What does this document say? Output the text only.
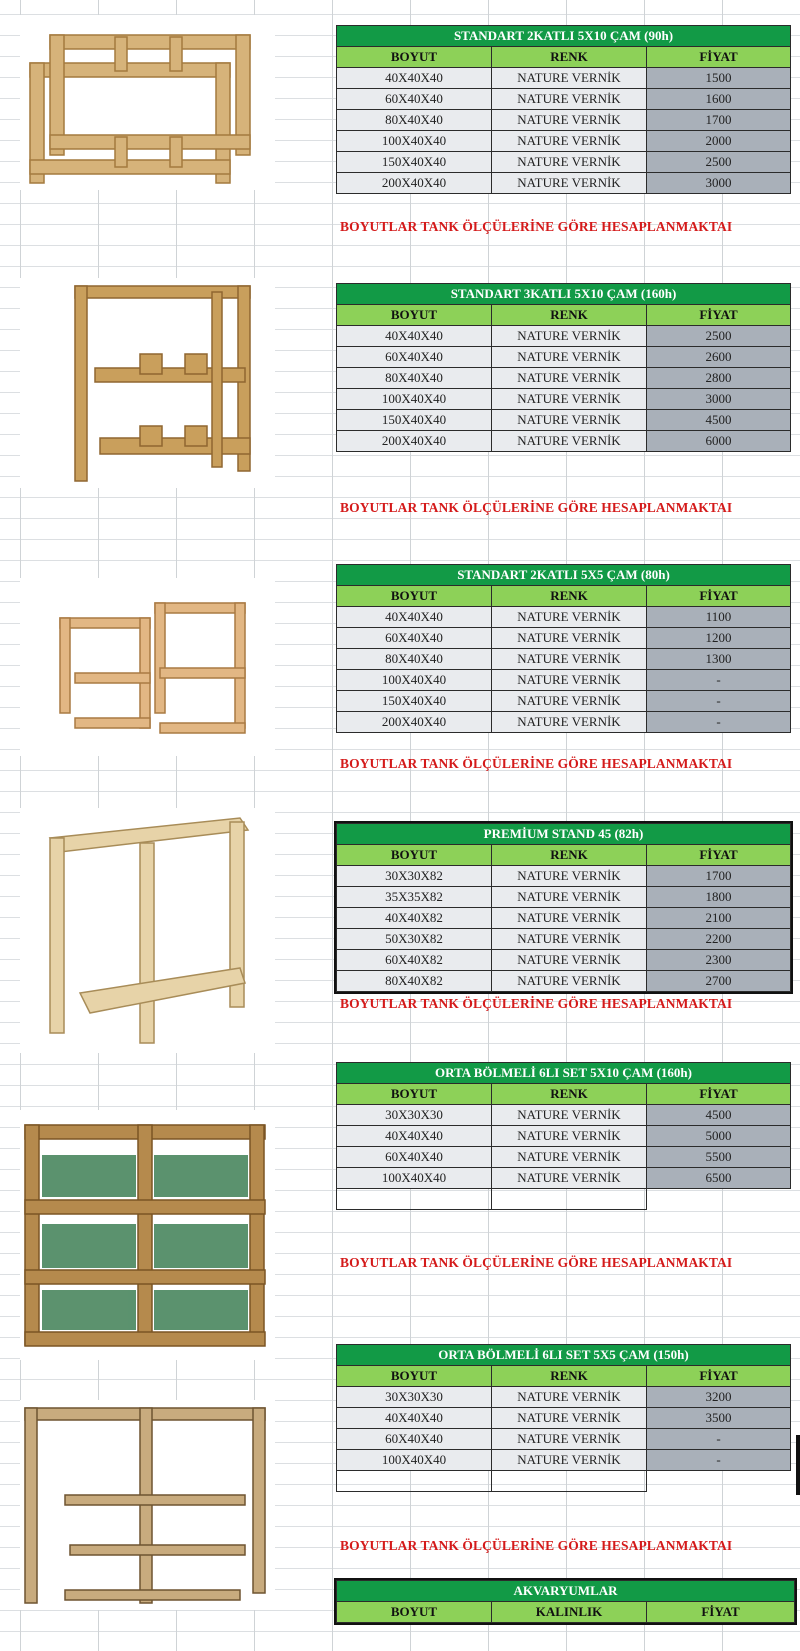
STANDART 2KATLI 5X10 ÇAM (90h)		
BOYUT	RENK	FİYAT
40X40X40	NATURE VERNİK	1500
60X40X40	NATURE VERNİK	1600
80X40X40	NATURE VERNİK	1700
100X40X40	NATURE VERNİK	2000
150X40X40	NATURE VERNİK	2500
200X40X40	NATURE VERNİK	3000
BOYUTLAR TANK ÖLÇÜLERİNE GÖRE HESAPLANMAKTAI
STANDART 3KATLI 5X10 ÇAM (160h)		
BOYUT	RENK	FİYAT
40X40X40	NATURE VERNİK	2500
60X40X40	NATURE VERNİK	2600
80X40X40	NATURE VERNİK	2800
100X40X40	NATURE VERNİK	3000
150X40X40	NATURE VERNİK	4500
200X40X40	NATURE VERNİK	6000
BOYUTLAR TANK ÖLÇÜLERİNE GÖRE HESAPLANMAKTAI
STANDART 2KATLI 5X5 ÇAM (80h)		
BOYUT	RENK	FİYAT
40X40X40	NATURE VERNİK	1100
60X40X40	NATURE VERNİK	1200
80X40X40	NATURE VERNİK	1300
100X40X40	NATURE VERNİK	-
150X40X40	NATURE VERNİK	-
200X40X40	NATURE VERNİK	-
BOYUTLAR TANK ÖLÇÜLERİNE GÖRE HESAPLANMAKTAI
PREMİUM STAND 45 (82h)		
BOYUT	RENK	FİYAT
30X30X82	NATURE VERNİK	1700
35X35X82	NATURE VERNİK	1800
40X40X82	NATURE VERNİK	2100
50X30X82	NATURE VERNİK	2200
60X40X82	NATURE VERNİK	2300
80X40X82	NATURE VERNİK	2700
BOYUTLAR TANK ÖLÇÜLERİNE GÖRE HESAPLANMAKTAI
ORTA BÖLMELİ 6LI SET 5X10 ÇAM (160h)		
BOYUT	RENK	FİYAT
30X30X30	NATURE VERNİK	4500
40X40X40	NATURE VERNİK	5000
60X40X40	NATURE VERNİK	5500
100X40X40	NATURE VERNİK	6500

BOYUTLAR TANK ÖLÇÜLERİNE GÖRE HESAPLANMAKTAI
ORTA BÖLMELİ 6LI SET 5X5 ÇAM (150h)		
BOYUT	RENK	FİYAT
30X30X30	NATURE VERNİK	3200
40X40X40	NATURE VERNİK	3500
60X40X40	NATURE VERNİK	-
100X40X40	NATURE VERNİK	-

BOYUTLAR TANK ÖLÇÜLERİNE GÖRE HESAPLANMAKTAI
AKVARYUMLAR
BOYUT	KALINLIK	FİYAT
